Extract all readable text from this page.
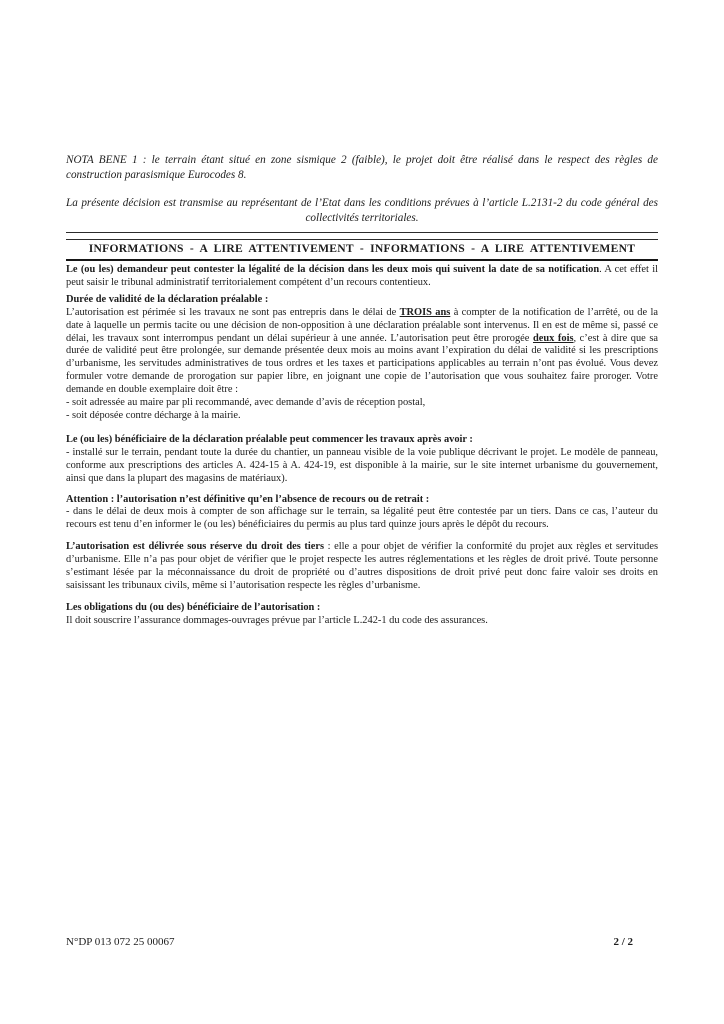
NOTA BENE 1 : le terrain étant situé en zone sismique 2 (faible), le projet doit être réalisé dans le respect des règles de construction parasismique Eurocodes 8.

La présente décision est transmise au représentant de l’Etat dans les conditions prévues à l’article L.2131-2 du code général des collectivités territoriales.

INFORMATIONS - A LIRE ATTENTIVEMENT - INFORMATIONS - A LIRE ATTENTIVEMENT

Le (ou les) demandeur peut contester la légalité de la décision dans les deux mois qui suivent la date de sa notification. A cet effet il peut saisir le tribunal administratif territorialement compétent d’un recours contentieux.

Durée de validité de la déclaration préalable :

L’autorisation est périmée si les travaux ne sont pas entrepris dans le délai de TROIS ans à compter de la notification de l’arrêté, ou de la date à laquelle un permis tacite ou une décision de non-opposition à une déclaration préalable sont intervenus. Il en est de même si, passé ce délai, les travaux sont interrompus pendant un délai supérieur à une année. L’autorisation peut être prorogée deux fois, c’est à dire que sa durée de validité peut être prolongée, sur demande présentée deux mois au moins avant l’expiration du délai de validité si les prescriptions d’urbanisme, les servitudes administratives de tous ordres et les taxes et participations applicables au terrain n’ont pas évolué. Vous devez formuler votre demande de prorogation sur papier libre, en joignant une copie de l’autorisation que vous souhaitez faire proroger. Votre demande en double exemplaire doit être :

- soit adressée au maire par pli recommandé, avec demande d’avis de réception postal,

- soit déposée contre décharge à la mairie.

Le (ou les) bénéficiaire de la déclaration préalable peut commencer les travaux après avoir :

- installé sur le terrain, pendant toute la durée du chantier, un panneau visible de la voie publique décrivant le projet. Le modèle de panneau, conforme aux prescriptions des articles A. 424-15 à A. 424-19, est disponible à la mairie, sur le site internet urbanisme du gouvernement, ainsi que dans la plupart des magasins de matériaux).

Attention : l’autorisation n’est définitive qu’en l’absence de recours ou de retrait :

- dans le délai de deux mois à compter de son affichage sur le terrain, sa légalité peut être contestée par un tiers. Dans ce cas, l’auteur du recours est tenu d’en informer le (ou les) bénéficiaires du permis au plus tard quinze jours après le dépôt du recours.

L’autorisation est délivrée sous réserve du droit des tiers : elle a pour objet de vérifier la conformité du projet aux règles et servitudes d’urbanisme. Elle n’a pas pour objet de vérifier que le projet respecte les autres réglementations et les règles de droit privé. Toute personne s’estimant lésée par la méconnaissance du droit de propriété ou d’autres dispositions de droit privé peut donc faire valoir ses droits en saisissant les tribunaux civils, même si l’autorisation respecte les règles d’urbanisme.

Les obligations du (ou des) bénéficiaire de l’autorisation :

Il doit souscrire l’assurance dommages-ouvrages prévue par l’article L.242-1 du code des assurances.

N°DP 013 072 25 00067	2 / 2
